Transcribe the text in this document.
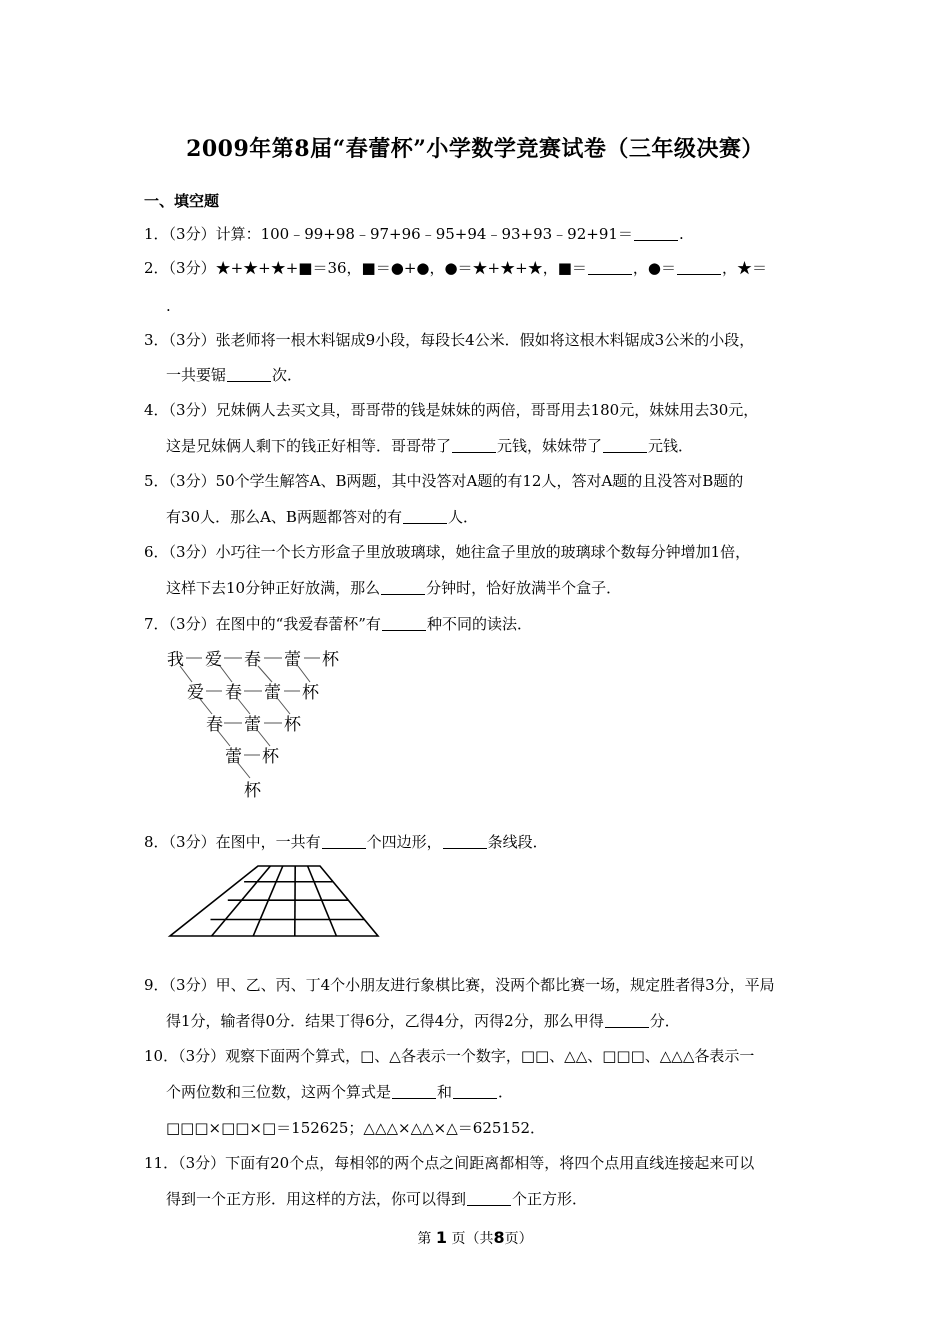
2009年第8届“春蕾杯”小学数学竞赛试卷（三年级决赛）
一、填空题
1．（3分）计算：100﹣99+98﹣97+96﹣95+94﹣93+93﹣92+91＝	.
2．（3分）★+★+★+■＝36，■＝●+●，●＝★+★+★，■＝	，●＝	，★＝
.
3．（3分）张老师将一根木料锯成9小段，每段长4公米．假如将这根木料锯成3公米的小段，
一共要锯	次．
4．（3分）兄妹俩人去买文具，哥哥带的钱是妹妹的两倍，哥哥用去180元，妹妹用去30元，
这是兄妹俩人剩下的钱正好相等．哥哥带了	元钱，妹妹带了	元钱．
5．（3分）50个学生解答A、B两题，其中没答对A题的有12人，答对A题的且没答对B题的
有30人．那么A、B两题都答对的有	人．
6．（3分）小巧往一个长方形盒子里放玻璃球，她往盒子里放的玻璃球个数每分钟增加1倍，
这样下去10分钟正好放满，那么	分钟时，恰好放满半个盒子．
7．（3分）在图中的“我爱春蕾杯”有	种不同的读法．
我 爱 春 蕾 杯
爱 春 蕾 杯
春 蕾 杯
蕾 杯
杯
8．（3分）在图中，一共有	个四边形，	条线段．
9．（3分）甲、乙、丙、丁4个小朋友进行象棋比赛，没两个都比赛一场，规定胜者得3分，平局
得1分，输者得0分．结果丁得6分，乙得4分，丙得2分，那么甲得	分．
10．（3分）观察下面两个算式，□、△各表示一个数字，□□、△△、□□□、△△△各表示一
个两位数和三位数，这两个算式是	和	．
□□□×□□×□＝152625；△△△×△△×△＝625152．
11．（3分）下面有20个点，每相邻的两个点之间距离都相等，将四个点用直线连接起来可以
得到一个正方形．用这样的方法，你可以得到	个正方形．
第 1 页（共8页）
